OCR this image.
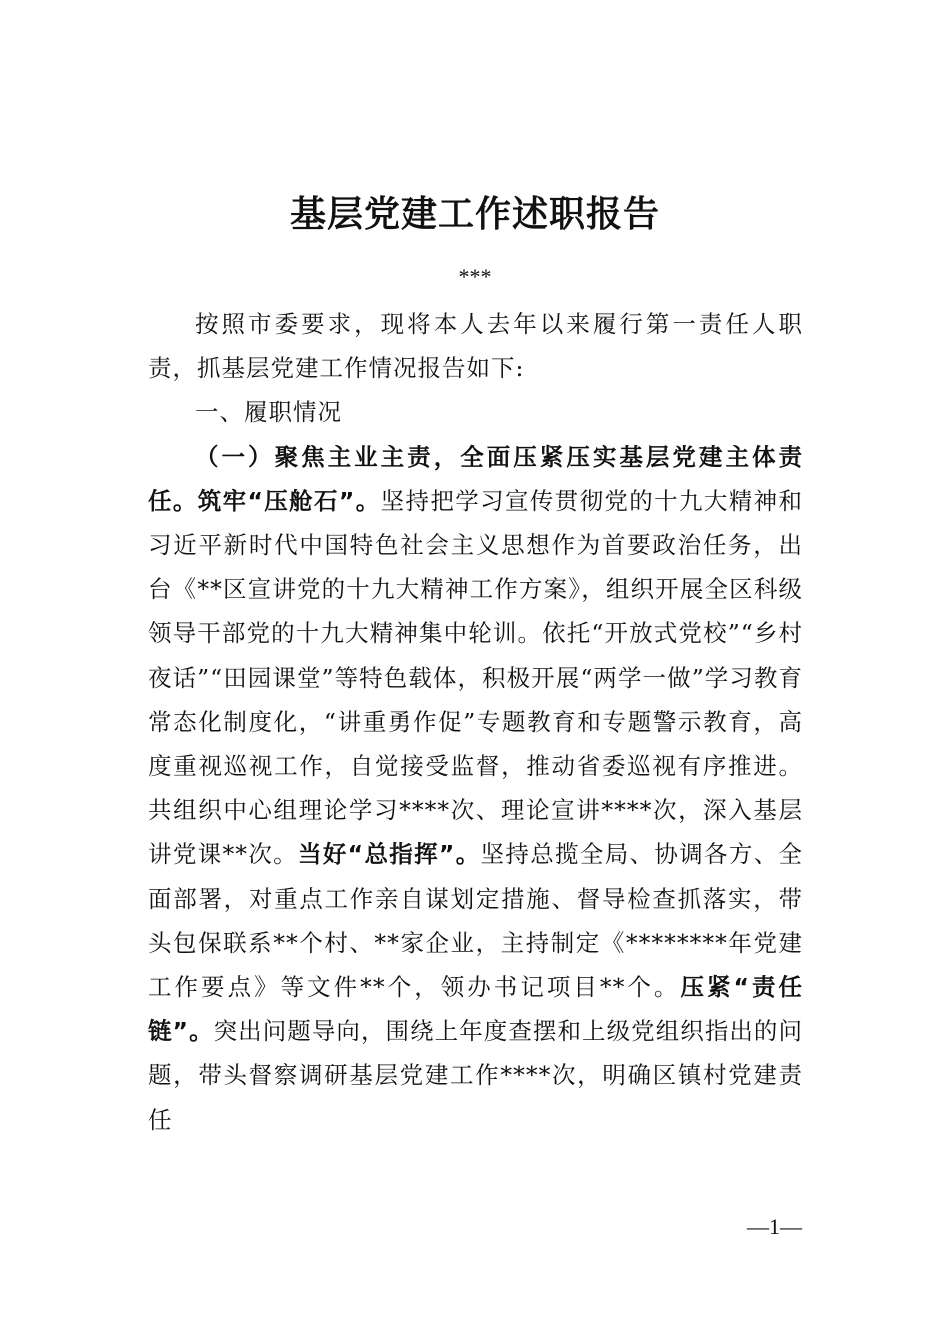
基层党建工作述职报告
***

按照市委要求，现将本人去年以来履行第一责任人职责，抓基层党建工作情况报告如下:

一、履职情况

（一）聚焦主业主责，全面压紧压实基层党建主体责任。筑牢“压舱石”。坚持把学习宣传贯彻党的十九大精神和习近平新时代中国特色社会主义思想作为首要政治任务，出台《**区宣讲党的十九大精神工作方案》，组织开展全区科级领导干部党的十九大精神集中轮训。依托“开放式党校”“乡村夜话”“田园课堂”等特色载体，积极开展“两学一做”学习教育常态化制度化，“讲重勇作促”专题教育和专题警示教育，高度重视巡视工作，自觉接受监督，推动省委巡视有序推进。共组织中心组理论学习****次、理论宣讲****次，深入基层讲党课**次。当好“总指挥”。坚持总揽全局、协调各方、全面部署，对重点工作亲自谋划定措施、督导检查抓落实，带头包保联系**个村、**家企业，主持制定《********年党建工作要点》等文件**个，领办书记项目**个。压紧“责任链”。突出问题导向，围绕上年度查摆和上级党组织指出的问题，带头督察调研基层党建工作****次，明确区镇村党建责任

—1—
